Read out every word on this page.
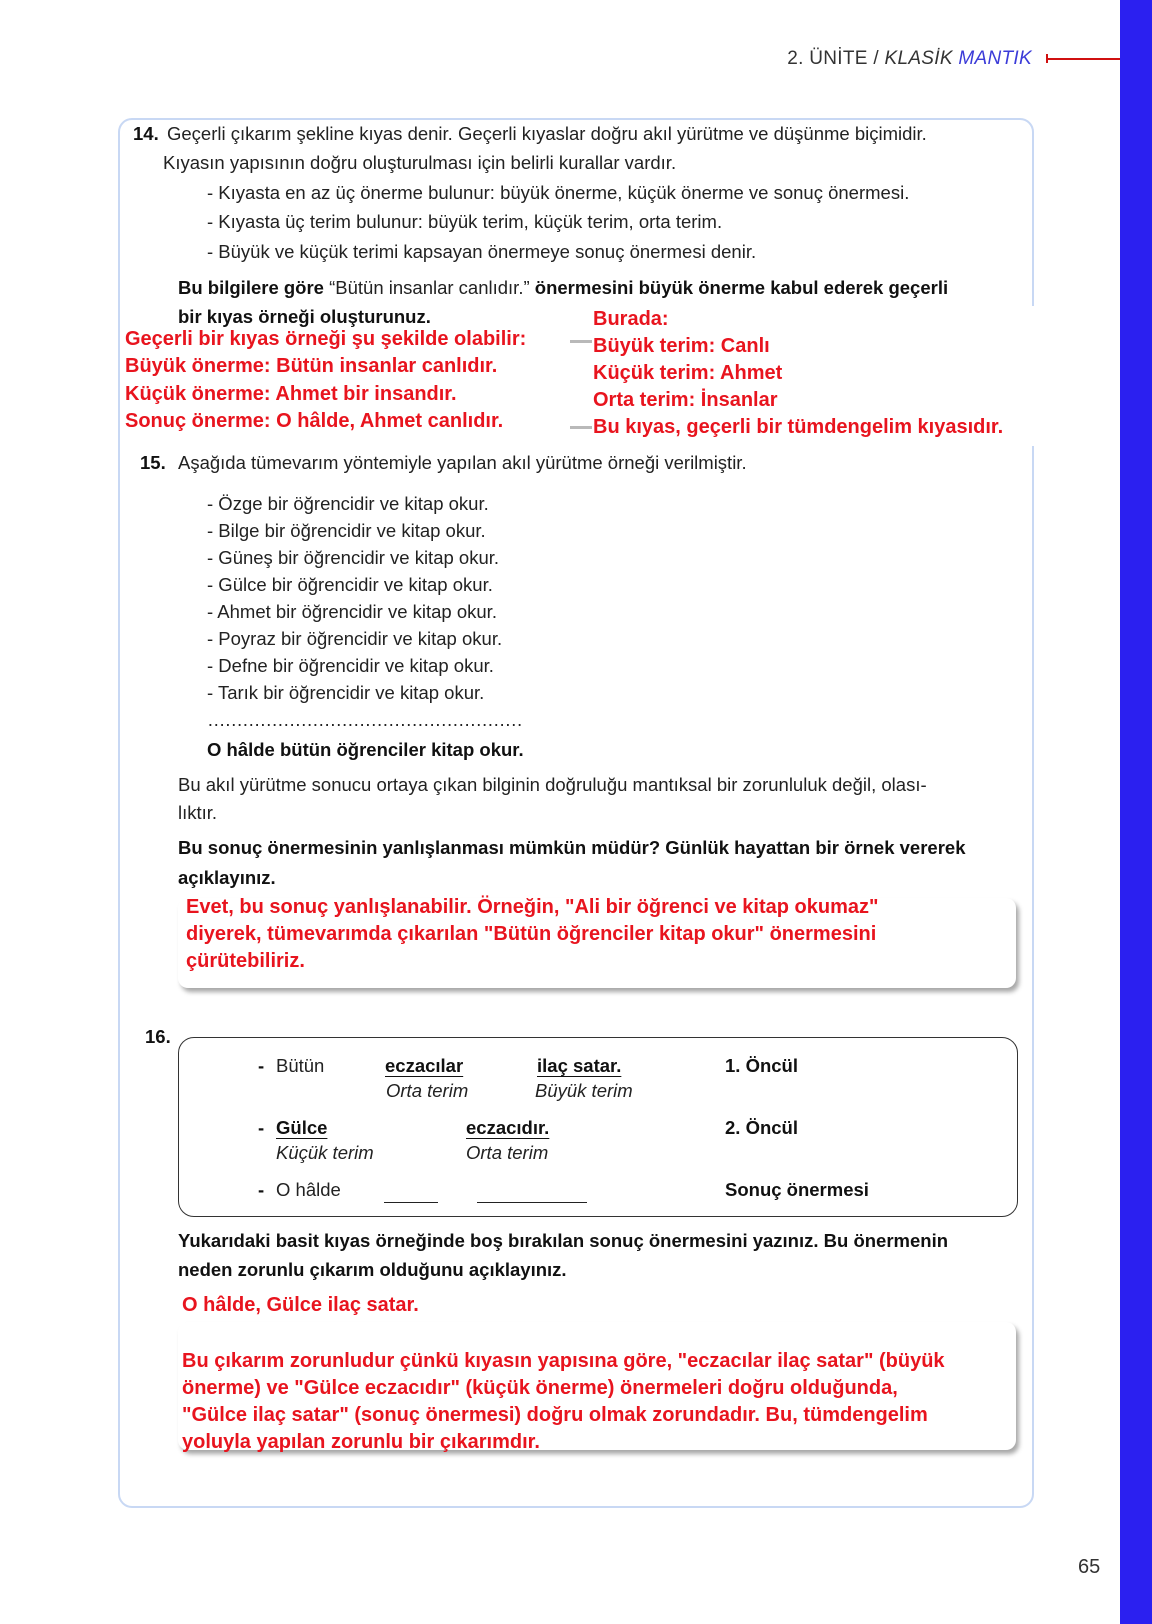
2. ÜNİTE / KLASİK MANTIK
14. Geçerli çıkarım şekline kıyas denir. Geçerli kıyaslar doğru akıl yürütme ve düşünme biçimidir.
Kıyasın yapısının doğru oluşturulması için belirli kurallar vardır.
- Kıyasta en az üç önerme bulunur: büyük önerme, küçük önerme ve sonuç önermesi.
- Kıyasta üç terim bulunur: büyük terim, küçük terim, orta terim.
- Büyük ve küçük terimi kapsayan önermeye sonuç önermesi denir.
Bu bilgilere göre “Bütün insanlar canlıdır.” önermesini büyük önerme kabul ederek geçerli
bir kıyas örneği oluşturunuz.
Geçerli bir kıyas örneği şu şekilde olabilir:
Büyük önerme: Bütün insanlar canlıdır.
Küçük önerme: Ahmet bir insandır.
Sonuç önerme: O hâlde, Ahmet canlıdır.
Burada:
Büyük terim: Canlı
Küçük terim: Ahmet
Orta terim: İnsanlar
Bu kıyas, geçerli bir tümdengelim kıyasıdır.
15. Aşağıda tümevarım yöntemiyle yapılan akıl yürütme örneği verilmiştir.
- Özge bir öğrencidir ve kitap okur.
- Bilge bir öğrencidir ve kitap okur.
- Güneş bir öğrencidir ve kitap okur.
- Gülce bir öğrencidir ve kitap okur.
- Ahmet bir öğrencidir ve kitap okur.
- Poyraz bir öğrencidir ve kitap okur.
- Defne bir öğrencidir ve kitap okur.
- Tarık bir öğrencidir ve kitap okur.
………………………………………………
O hâlde bütün öğrenciler kitap okur.
Bu akıl yürütme sonucu ortaya çıkan bilginin doğruluğu mantıksal bir zorunluluk değil, olası-
lıktır.
Bu sonuç önermesinin yanlışlanması mümkün müdür? Günlük hayattan bir örnek vererek
açıklayınız.
Evet, bu sonuç yanlışlanabilir. Örneğin, "Ali bir öğrenci ve kitap okumaz"
diyerek, tümevarımda çıkarılan "Bütün öğrenciler kitap okur" önermesini
çürütebiliriz.
16.
- Bütün	eczacılar
Orta terim
ilaç satar.
Büyük terim
1. Öncül
- Gülce
Küçük terim
eczacıdır.
Orta terim
2. Öncül
- O hâlde	Sonuç önermesi
Yukarıdaki basit kıyas örneğinde boş bırakılan sonuç önermesini yazınız. Bu önermenin
neden zorunlu çıkarım olduğunu açıklayınız.
O hâlde, Gülce ilaç satar.
Bu çıkarım zorunludur çünkü kıyasın yapısına göre, "eczacılar ilaç satar" (büyük
önerme) ve "Gülce eczacıdır" (küçük önerme) önermeleri doğru olduğunda,
"Gülce ilaç satar" (sonuç önermesi) doğru olmak zorundadır. Bu, tümdengelim
yoluyla yapılan zorunlu bir çıkarımdır.
65
